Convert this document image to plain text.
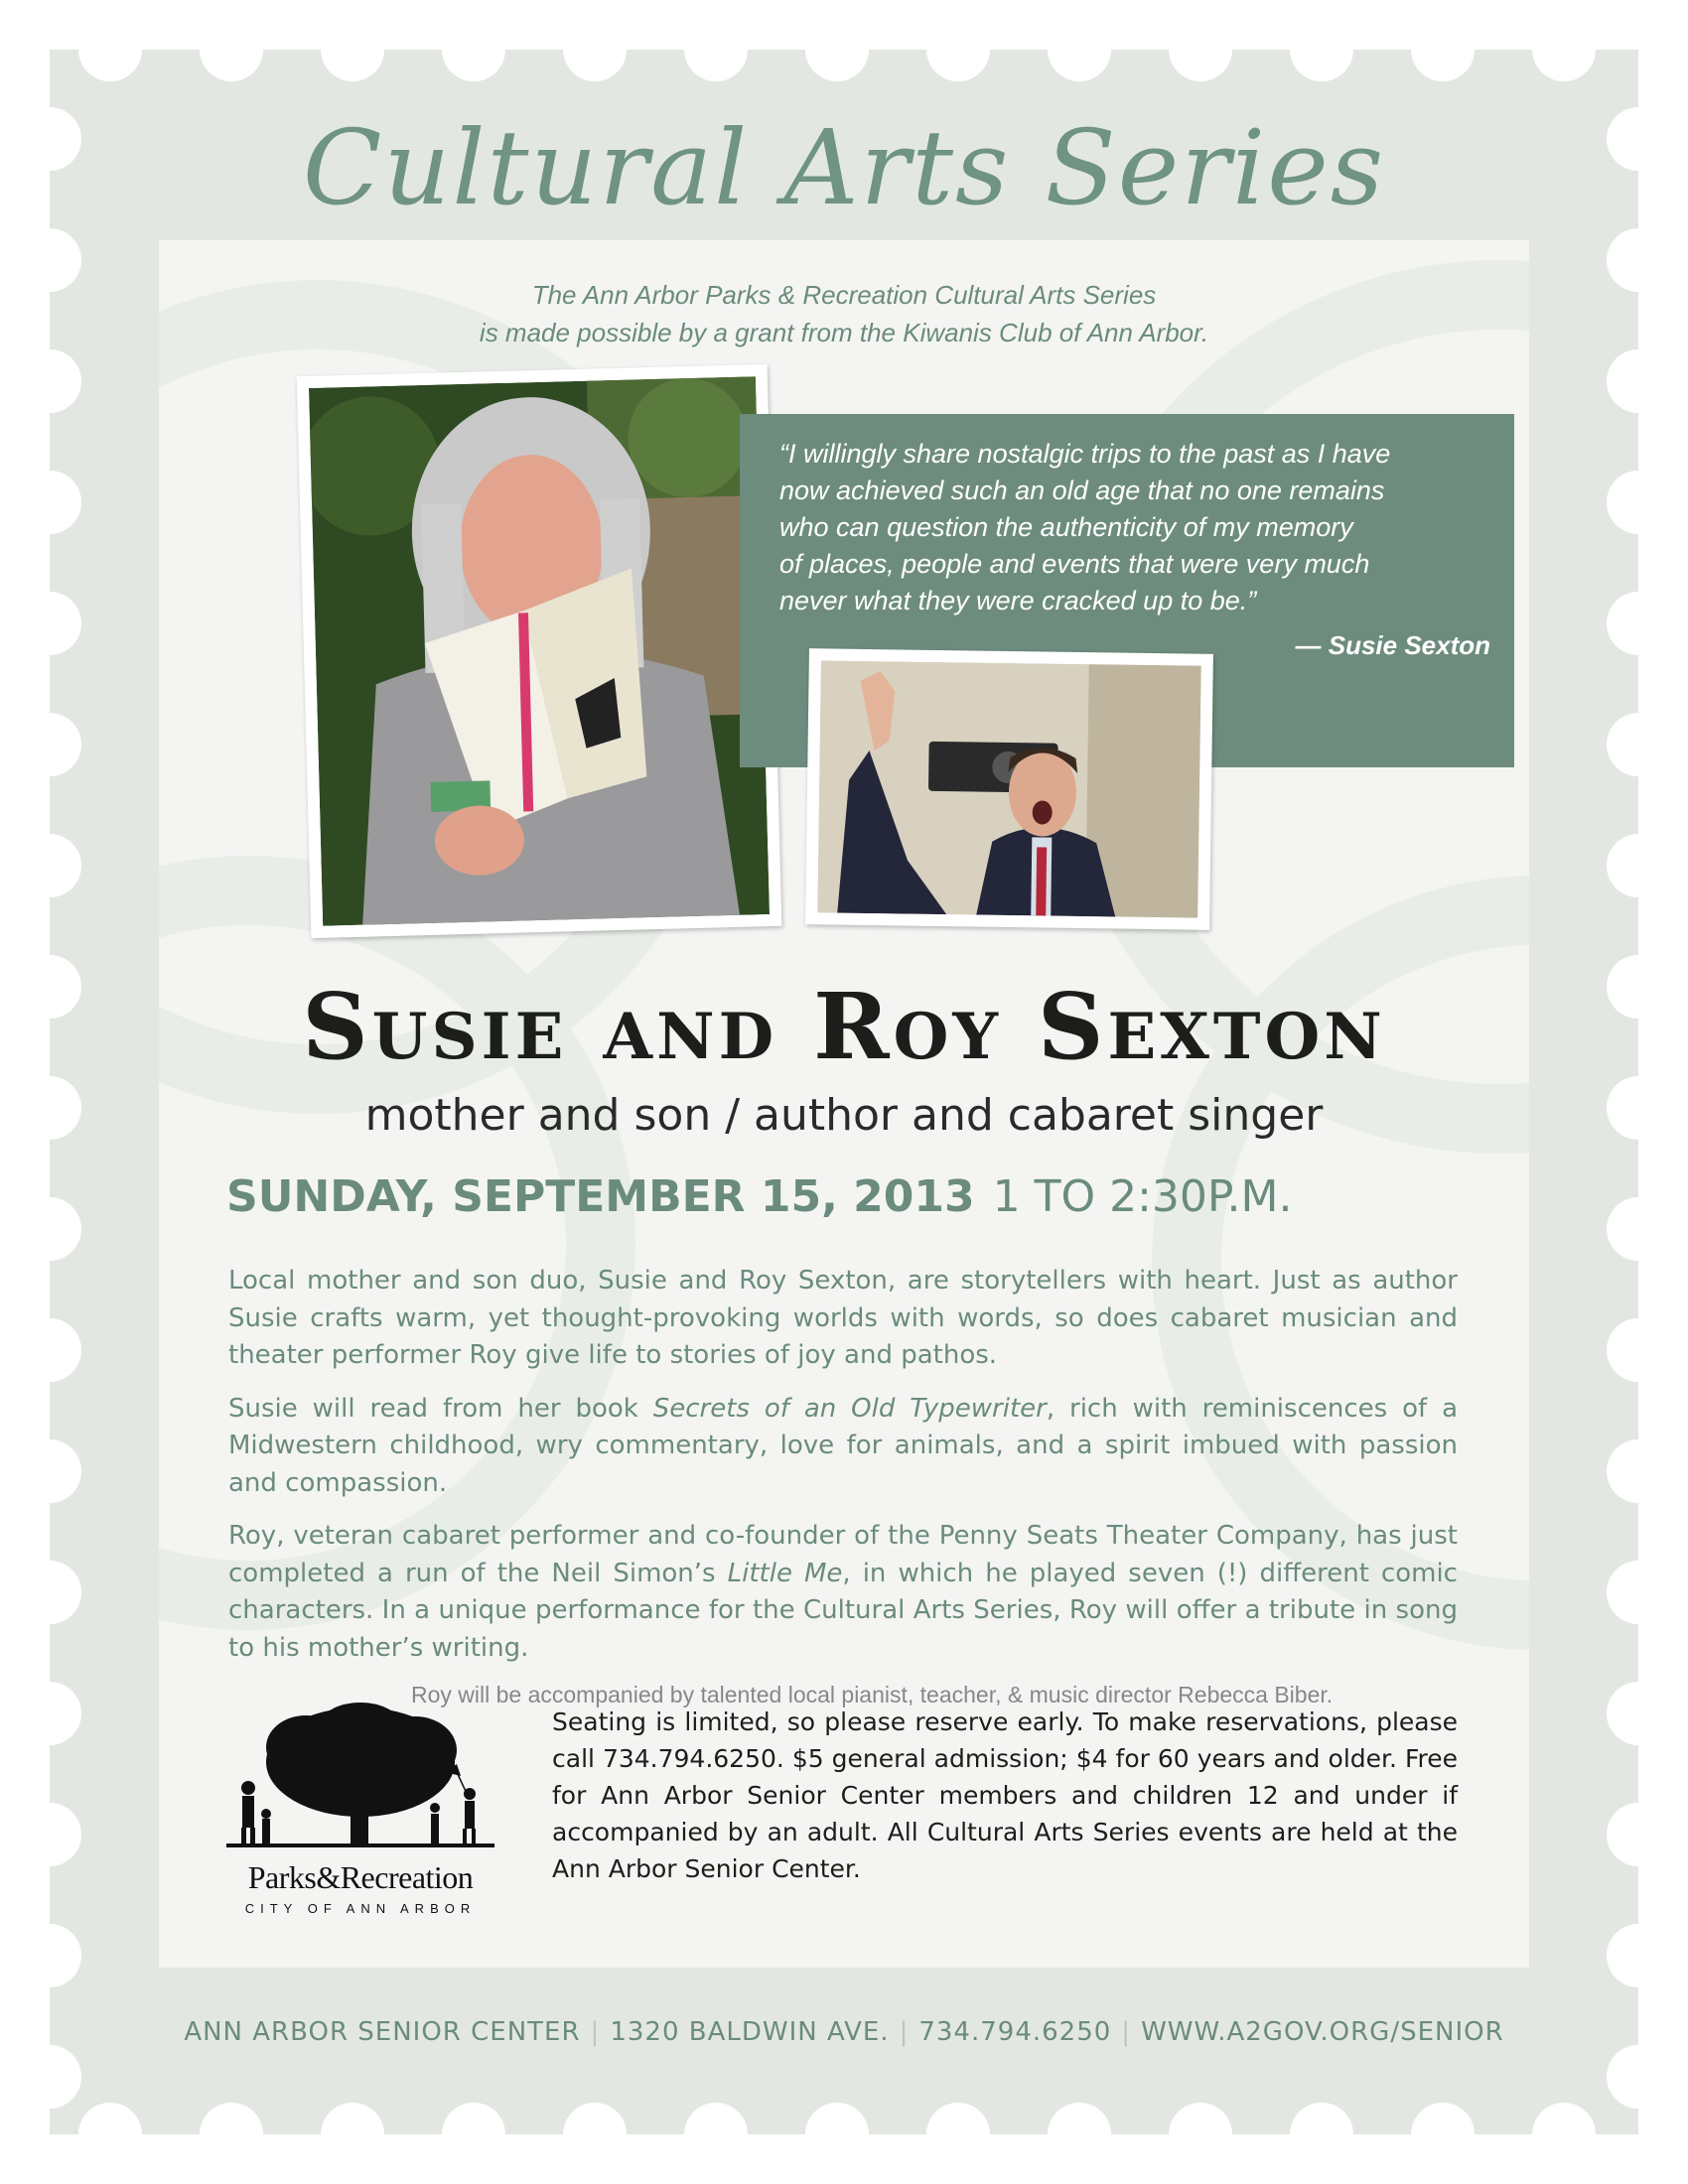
Cultural Arts Series
The Ann Arbor Parks & Recreation Cultural Arts Series
is made possible by a grant from the Kiwanis Club of Ann Arbor.
“I willingly share nostalgic trips to the past as I have
now achieved such an old age that no one remains
who can question the authenticity of my memory
of places, people and events that were very much
never what they were cracked up to be.”
— Susie Sexton
Susie and Roy Sexton
mother and son / author and cabaret singer
SUNDAY, SEPTEMBER 15, 2013 1 TO 2:30P.M.

Local mother and son duo, Susie and Roy Sexton, are storytellers with heart. Just as author Susie crafts warm, yet thought-provoking worlds with words, so does cabaret musician and theater performer Roy give life to stories of joy and pathos.

Susie will read from her book Secrets of an Old Typewriter, rich with reminiscences of a Midwestern childhood, wry commentary, love for animals, and a spirit imbued with passion and compassion.

Roy, veteran cabaret performer and co-founder of the Penny Seats Theater Company, has just completed a run of the Neil Simon’s Little Me, in which he played seven (!) different comic characters. In a unique performance for the Cultural Arts Series, Roy will offer a tribute in song to his mother’s writing.

Roy will be accompanied by talented local pianist, teacher, & music director Rebecca Biber.
Parks&Recreation
CITY OF ANN ARBOR
Seating is limited, so please reserve early. To make reservations, please call 734.794.6250. $5 general admission; $4 for 60 years and older. Free for Ann Arbor Senior Center members and children 12 and under if accompanied by an adult. All Cultural Arts Series events are held at the Ann Arbor Senior Center.
ANN ARBOR SENIOR CENTER | 1320 BALDWIN AVE. | 734.794.6250 | WWW.A2GOV.ORG/SENIOR
